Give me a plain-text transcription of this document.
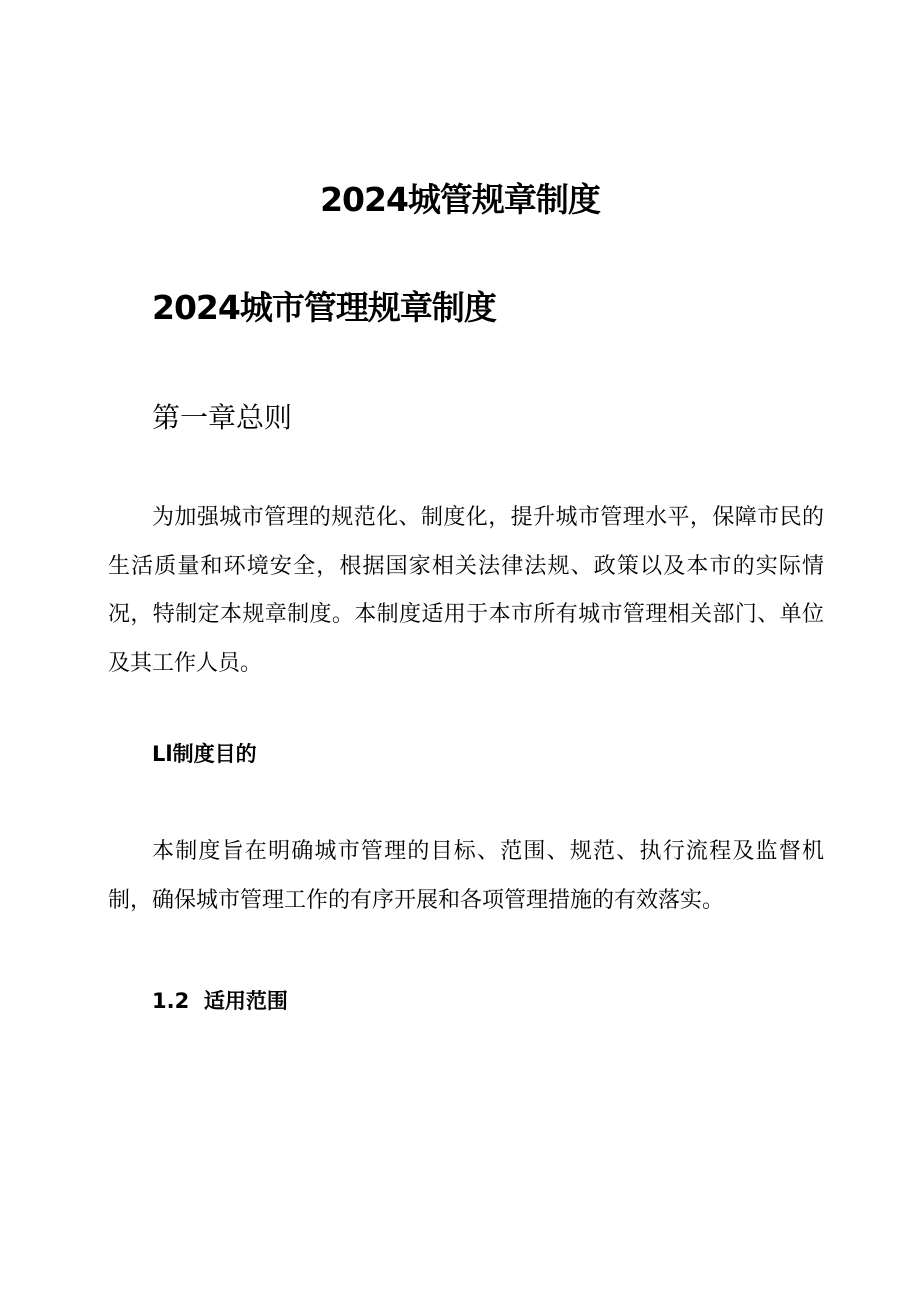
2024城管规章制度
2024城市管理规章制度
第一章总则

为加强城市管理的规范化、制度化，提升城市管理水平，保障市民的生活质量和环境安全，根据国家相关法律法规、政策以及本市的实际情况，特制定本规章制度。本制度适用于本市所有城市管理相关部门、单位及其工作人员。

Ll制度目的

本制度旨在明确城市管理的目标、范围、规范、执行流程及监督机制，确保城市管理工作的有序开展和各项管理措施的有效落实。

1.2  适用范围
